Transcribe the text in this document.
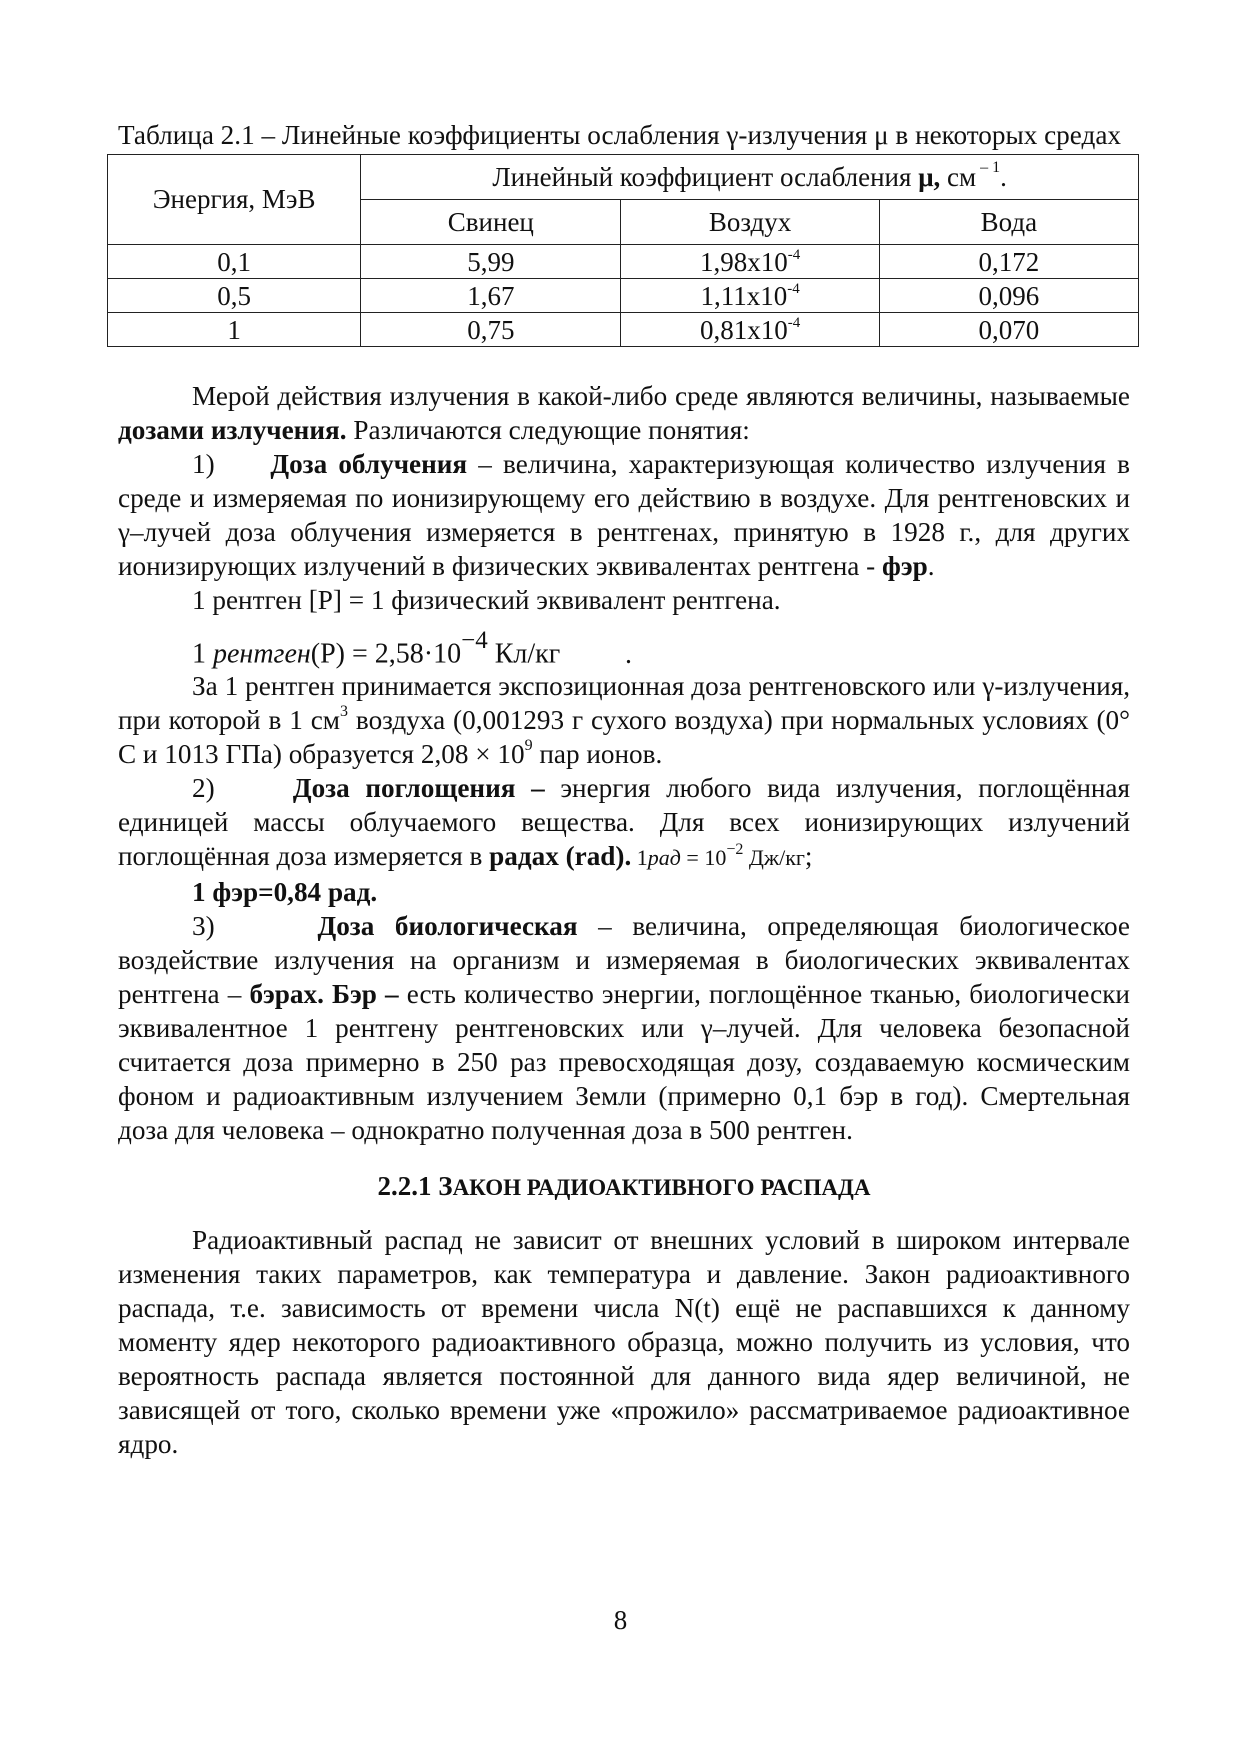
Таблица 2.1 – Линейные коэффициенты ослабления γ-излучения μ в некоторых средах

Энергия, МэВ	Линейный коэффициент ослабления μ, см $^{- 1}$.		
	Свинец	Воздух	Вода
0,1	5,99	$1,98x10^{-4}$	0,172
0,5	1,67	$1,11x10^{-4}$	0,096
1	0,75	$0,81x10^{-4}$	0,070

Мерой действия излучения в какой-либо среде являются величины, называемые дозами излучения. Различаются следующие понятия:

1) Доза облучения – величина, характеризующая количество излучения в среде и измеряемая по ионизирующему его действию в воздухе. Для рентгеновских и γ–лучей доза облучения измеряется в рентгенах, принятую в 1928 г., для других ионизирующих излучений в физических эквивалентах рентгена - фэр.

1 рентген [Р] = 1 физический эквивалент рентгена.

1 рентген(P) = $2,58\cdot 10^{-4}$ Кл/кг .

За 1 рентген принимается экспозиционная доза рентгеновского или γ-излучения, при которой в 1 $см^3$ воздуха (0,001293 г сухого воздуха) при нормальных условиях (0° С и 1013 ГПа) образуется $2,08 \times 10^9$ пар ионов.

2)	Доза поглощения – энергия любого вида излучения, поглощённая единицей массы облучаемого вещества. Для всех ионизирующих излучений поглощённая доза измеряется в радах (rad). $1рад = 10^{-2}$ Дж/кг;

1 фэр=0,84 рад.

3)	Доза биологическая – величина, определяющая биологическое воздействие излучения на организм и измеряемая в биологических эквивалентах рентгена – бэрах. Бэр – есть количество энергии, поглощённое тканью, биологически эквивалентное 1 рентгену рентгеновских или γ–лучей. Для человека безопасной считается доза примерно в 250 раз превосходящая дозу, создаваемую космическим фоном и радиоактивным излучением Земли (примерно 0,1 бэр в год). Смертельная доза для человека – однократно полученная доза в 500 рентген.

2.2.1 ЗАКОН РАДИОАКТИВНОГО РАСПАДА

Радиоактивный распад не зависит от внешних условий в широком интервале изменения таких параметров, как температура и давление. Закон радиоактивного распада, т.е. зависимость от времени числа N(t) ещё не распавшихся к данному моменту ядер некоторого радиоактивного образца, можно получить из условия, что вероятность распада является постоянной для данного вида ядер величиной, не зависящей от того, сколько времени уже «прожило» рассматриваемое радиоактивное ядро.

8
